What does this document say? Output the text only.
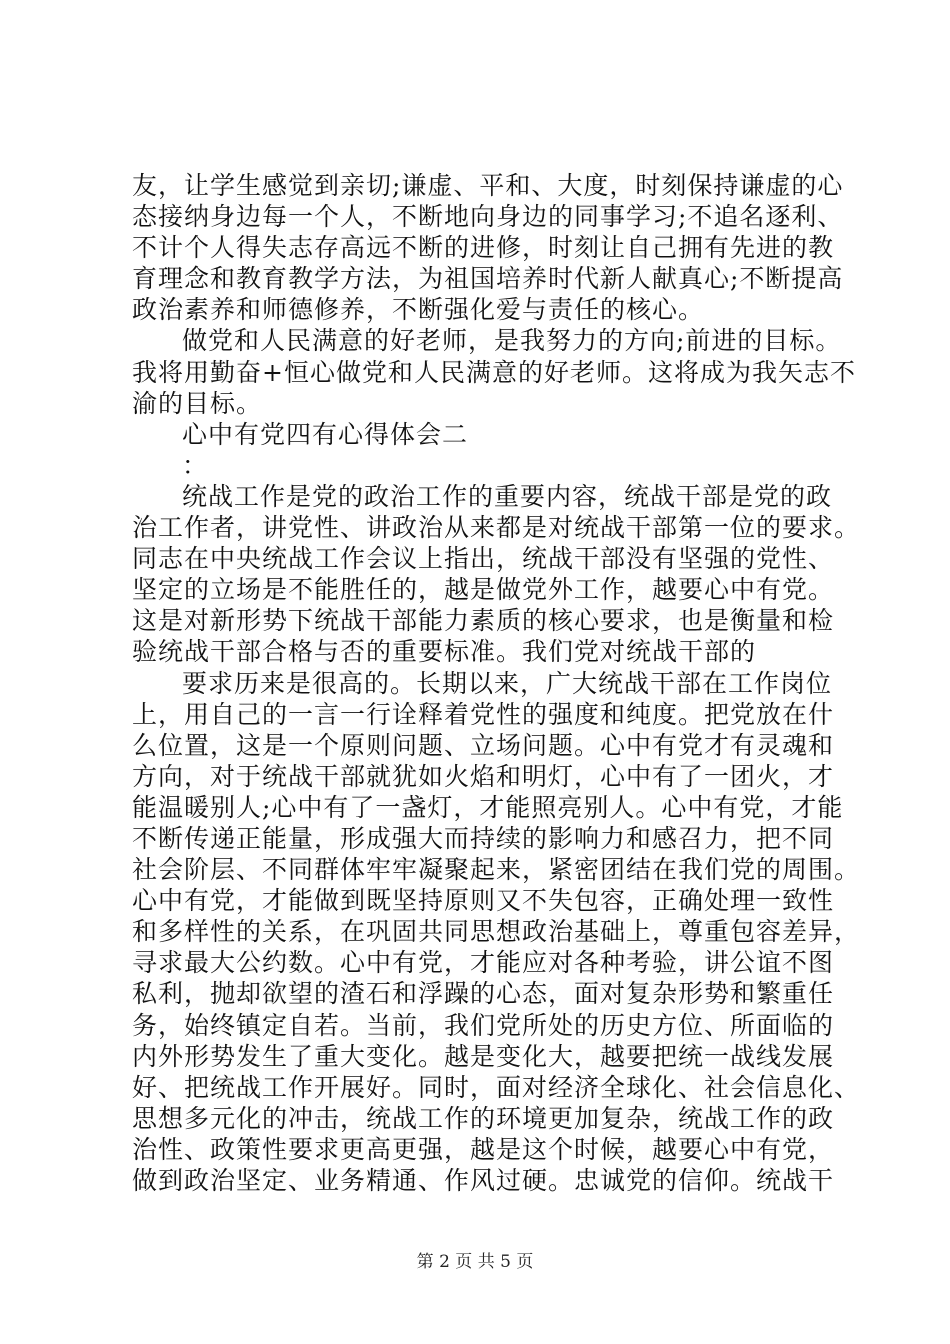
友，让学生感觉到亲切;谦虚、平和、大度，时刻保持谦虚的心
态接纳身边每一个人，不断地向身边的同事学习;不追名逐利、
不计个人得失志存高远不断的进修，时刻让自己拥有先进的教
育理念和教育教学方法，为祖国培养时代新人献真心;不断提高
政治素养和师德修养，不断强化爱与责任的核心。
做党和人民满意的好老师，是我努力的方向;前进的目标。
我将用勤奋+恒心做党和人民满意的好老师。这将成为我矢志不
渝的目标。
心中有党四有心得体会二
：
统战工作是党的政治工作的重要内容，统战干部是党的政
治工作者，讲党性、讲政治从来都是对统战干部第一位的要求。
同志在中央统战工作会议上指出，统战干部没有坚强的党性、
坚定的立场是不能胜任的，越是做党外工作，越要心中有党。
这是对新形势下统战干部能力素质的核心要求，也是衡量和检
验统战干部合格与否的重要标准。我们党对统战干部的
要求历来是很高的。长期以来，广大统战干部在工作岗位
上，用自己的一言一行诠释着党性的强度和纯度。把党放在什
么位置，这是一个原则问题、立场问题。心中有党才有灵魂和
方向，对于统战干部就犹如火焰和明灯，心中有了一团火，才
能温暖别人;心中有了一盏灯，才能照亮别人。心中有党，才能
不断传递正能量，形成强大而持续的影响力和感召力，把不同
社会阶层、不同群体牢牢凝聚起来，紧密团结在我们党的周围。
心中有党，才能做到既坚持原则又不失包容，正确处理一致性
和多样性的关系，在巩固共同思想政治基础上，尊重包容差异，
寻求最大公约数。心中有党，才能应对各种考验，讲公谊不图
私利，抛却欲望的渣石和浮躁的心态，面对复杂形势和繁重任
务，始终镇定自若。当前，我们党所处的历史方位、所面临的
内外形势发生了重大变化。越是变化大，越要把统一战线发展
好、把统战工作开展好。同时，面对经济全球化、社会信息化、
思想多元化的冲击，统战工作的环境更加复杂，统战工作的政
治性、政策性要求更高更强，越是这个时候，越要心中有党，
做到政治坚定、业务精通、作风过硬。忠诚党的信仰。统战干
第 2 页 共 5 页
